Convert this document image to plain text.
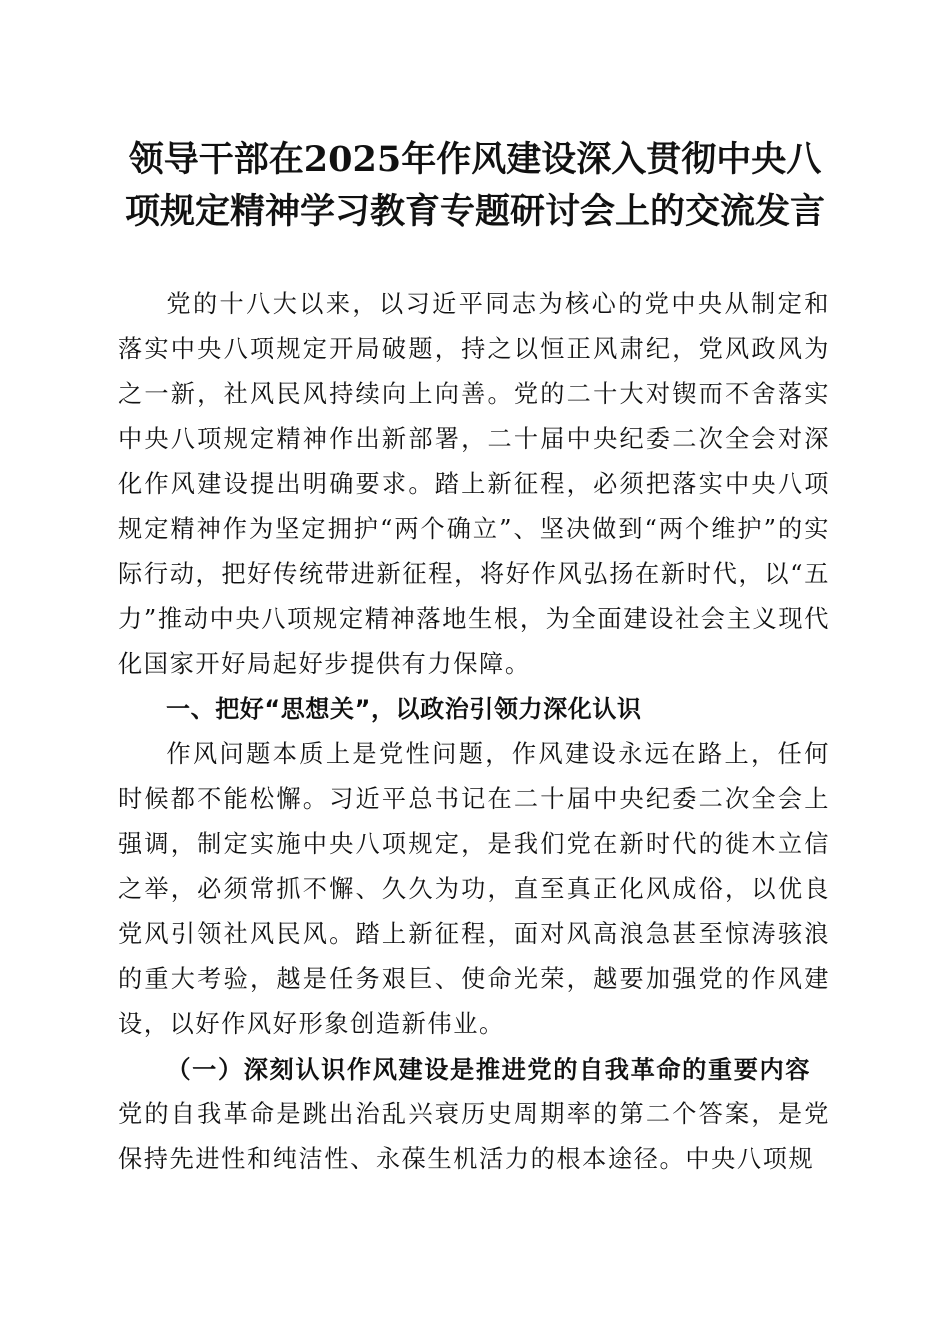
领导干部在2025年作风建设深入贯彻中央八
项规定精神学习教育专题研讨会上的交流发言

党的十八大以来，以习近平同志为核心的党中央从制定和落实中央八项规定开局破题，持之以恒正风肃纪，党风政风为之一新，社风民风持续向上向善。党的二十大对锲而不舍落实中央八项规定精神作出新部署，二十届中央纪委二次全会对深化作风建设提出明确要求。踏上新征程，必须把落实中央八项规定精神作为坚定拥护“两个确立”、坚决做到“两个维护”的实际行动，把好传统带进新征程，将好作风弘扬在新时代，以“五力”推动中央八项规定精神落地生根，为全面建设社会主义现代化国家开好局起好步提供有力保障。

一、把好“思想关”，以政治引领力深化认识

作风问题本质上是党性问题，作风建设永远在路上，任何时候都不能松懈。习近平总书记在二十届中央纪委二次全会上强调，制定实施中央八项规定，是我们党在新时代的徙木立信之举，必须常抓不懈、久久为功，直至真正化风成俗，以优良党风引领社风民风。踏上新征程，面对风高浪急甚至惊涛骇浪的重大考验，越是任务艰巨、使命光荣，越要加强党的作风建设，以好作风好形象创造新伟业。

（一）深刻认识作风建设是推进党的自我革命的重要内容

党的自我革命是跳出治乱兴衰历史周期率的第二个答案，是党保持先进性和纯洁性、永葆生机活力的根本途径。中央八项规
